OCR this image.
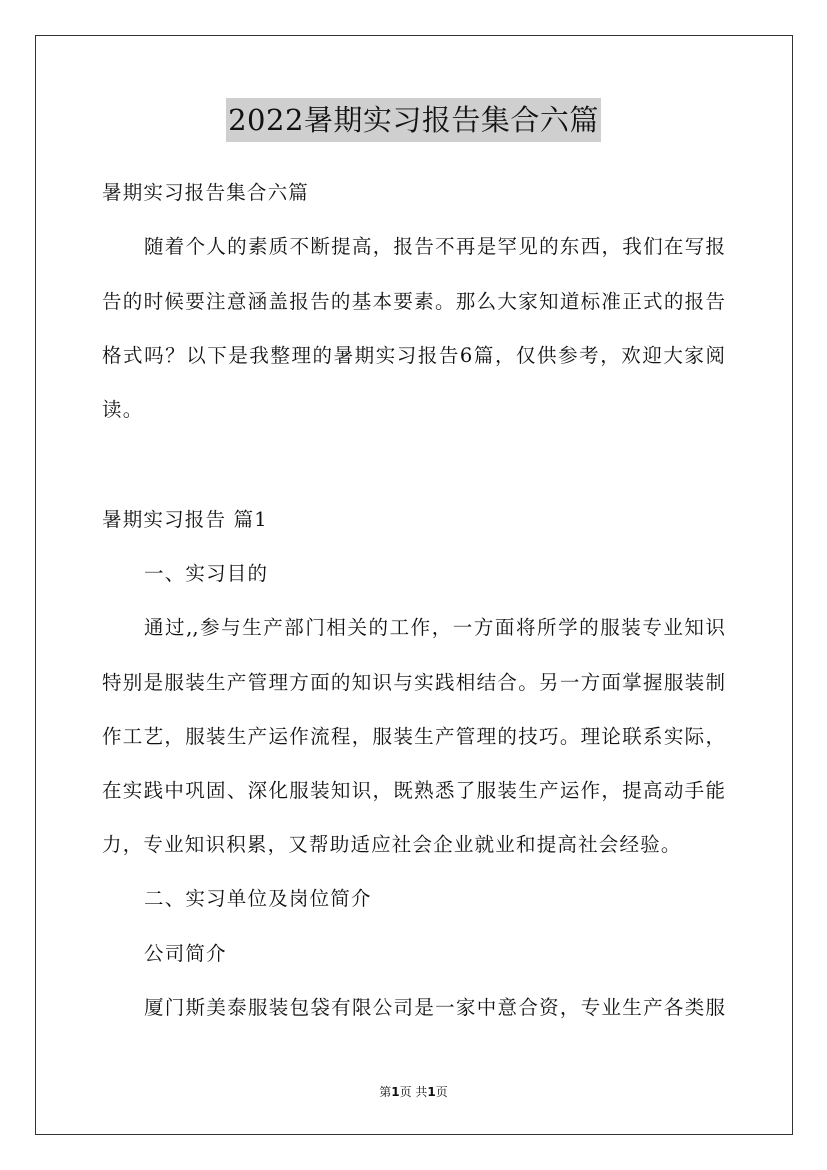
2022暑期实习报告集合六篇
暑期实习报告集合六篇
随着个人的素质不断提高，报告不再是罕见的东西，我们在写报
告的时候要注意涵盖报告的基本要素。那么大家知道标准正式的报告
格式吗？以下是我整理的暑期实习报告6篇，仅供参考，欢迎大家阅
读。
暑期实习报告 篇1
一、实习目的
通过,,参与生产部门相关的工作，一方面将所学的服装专业知识
特别是服装生产管理方面的知识与实践相结合。另一方面掌握服装制
作工艺，服装生产运作流程，服装生产管理的技巧。理论联系实际，
在实践中巩固、深化服装知识，既熟悉了服装生产运作，提高动手能
力，专业知识积累，又帮助适应社会企业就业和提高社会经验。
二、实习单位及岗位简介
公司简介
厦门斯美泰服装包袋有限公司是一家中意合资，专业生产各类服
第1页 共1页
